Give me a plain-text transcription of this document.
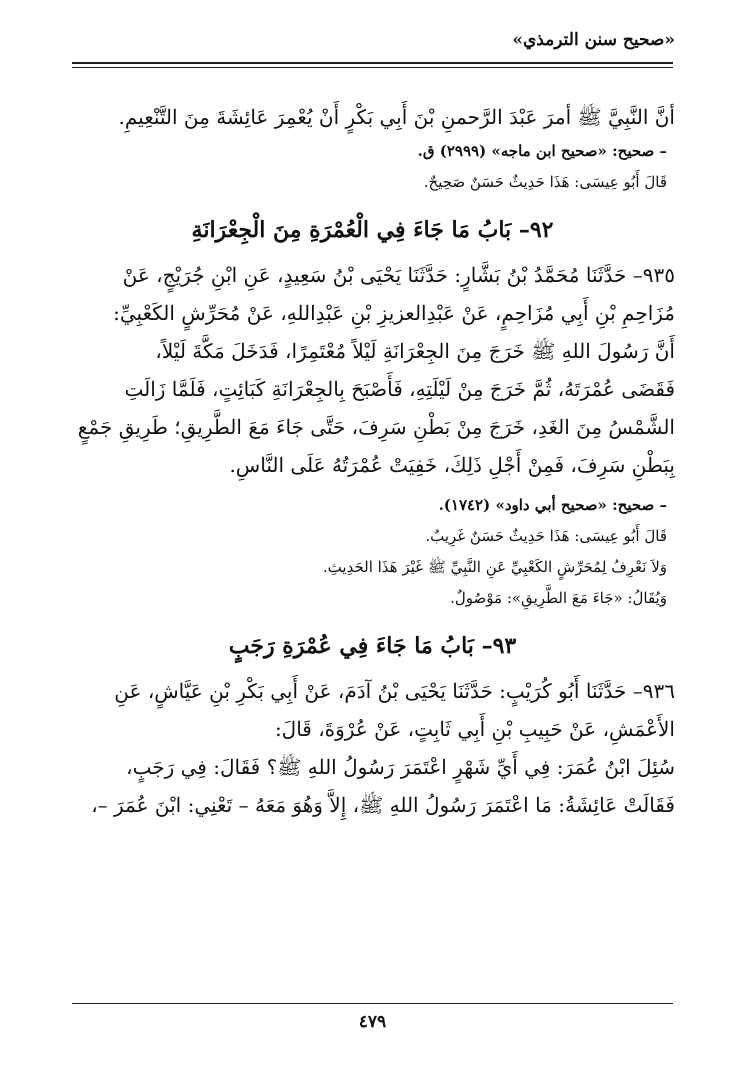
«صحيح سنن الترمذي»
أنَّ النَّبِيَّ ﷺ أمرَ عَبْدَ الرَّحمنِ بْنَ أَبِي بَكْرٍ أَنْ يُعْمِرَ عَائِشَةَ مِنَ التَّنْعِيمِ.
– صحيح: «صحيح ابن ماجه» (٢٩٩٩) ق.
قَالَ أَبُو عِيسَى: هَذَا حَدِيثٌ حَسَنٌ صَحِيحٌ.
٩٢– بَابُ مَا جَاءَ فِي الْعُمْرَةِ مِنَ الْجِعْرَانَةِ
٩٣٥– حَدَّثَنَا مُحَمَّدُ بْنُ بَشَّارٍ: حَدَّثَنَا يَحْيَى بْنُ سَعِيدٍ، عَنِ ابْنِ جُرَيْجٍ، عَنْ
مُزَاحِمِ بْنِ أَبِي مُزَاحِمٍ، عَنْ عَبْدِالعزيزِ بْنِ عَبْدِاللهِ، عَنْ مُحَرِّشٍ الكَعْبِيِّ:
أَنَّ رَسُولَ اللهِ ﷺ خَرَجَ مِنَ الجِعْرَانَةِ لَيْلاً مُعْتَمِرًا، فَدَخَلَ مَكَّةَ لَيْلاً،
فَقَضَى عُمْرَتَهُ، ثُمَّ خَرَجَ مِنْ لَيْلَتِهِ، فَأَصْبَحَ بِالجِعْرَانَةِ كَبَائِتٍ، فَلَمَّا زَالَتِ
الشَّمْسُ مِنَ الغَدِ، خَرَجَ مِنْ بَطْنِ سَرِفَ، حَتَّى جَاءَ مَعَ الطَّرِيقِ؛ طَرِيقِ جَمْعٍ
بِبَطْنِ سَرِفَ، فَمِنْ أَجْلِ ذَلِكَ، خَفِيَتْ عُمْرَتُهُ عَلَى النَّاسِ.
– صحيح: «صحيح أبي داود» (١٧٤٢).
قَالَ أَبُو عِيسَى: هَذَا حَدِيثٌ حَسَنٌ غَرِيبٌ.
وَلاَ نَعْرِفُ لِمُحَرِّشٍ الكَعْبِيِّ عَنِ النَّبِيِّ ﷺ غَيْرَ هَذَا الحَدِيثِ.
وَيُقَالُ: «جَاءَ مَعَ الطَّرِيقِ»: مَوْصُولٌ.
٩٣– بَابُ مَا جَاءَ فِي عُمْرَةِ رَجَبٍ
٩٣٦– حَدَّثَنَا أَبُو كُرَيْبٍ: حَدَّثَنَا يَحْيَى بْنُ آدَمَ، عَنْ أَبِي بَكْرِ بْنِ عَيَّاشٍ، عَنِ
الأَعْمَشِ، عَنْ حَبِيبِ بْنِ أَبِي ثَابِتٍ، عَنْ عُرْوَةَ، قَالَ:
سُئِلَ ابْنُ عُمَرَ: فِي أَيِّ شَهْرٍ اعْتَمَرَ رَسُولُ اللهِ ﷺ؟ فَقَالَ: فِي رَجَبٍ،
فَقَالَتْ عَائِشَةُ: مَا اعْتَمَرَ رَسُولُ اللهِ ﷺ، إِلاَّ وَهُوَ مَعَهُ – تَعْنِي: ابْنَ عُمَرَ –،
٤٧٩
